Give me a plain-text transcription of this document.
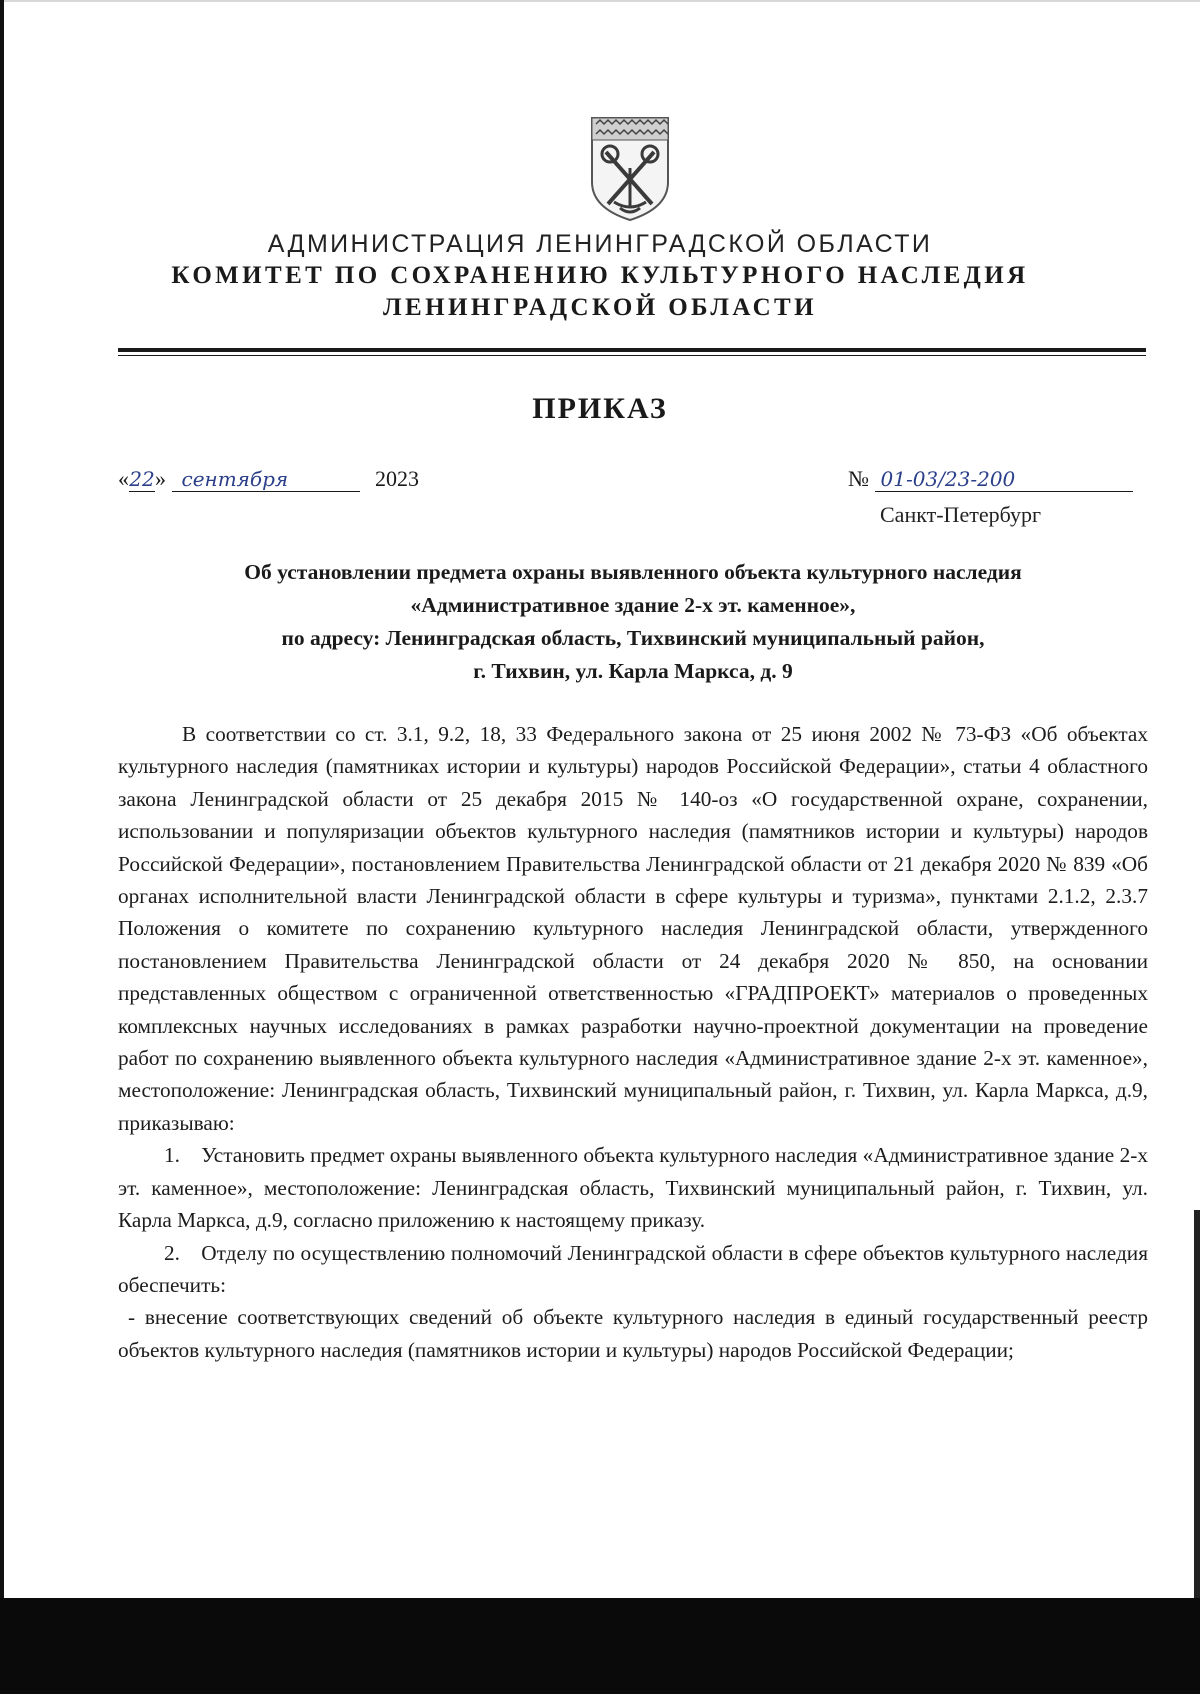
АДМИНИСТРАЦИЯ ЛЕНИНГРАДСКОЙ ОБЛАСТИ
КОМИТЕТ ПО СОХРАНЕНИЮ КУЛЬТУРНОГО НАСЛЕДИЯ
ЛЕНИНГРАДСКОЙ ОБЛАСТИ
ПРИКАЗ
«22» сентября	2023	№ 01-03/23-200
Санкт-Петербург
Об установлении предмета охраны выявленного объекта культурного наследия
«Административное здание 2-х эт. каменное»,
по адресу: Ленинградская область, Тихвинский муниципальный район,
г. Тихвин, ул. Карла Маркса, д. 9

В соответствии со ст. 3.1, 9.2, 18, 33 Федерального закона от 25 июня 2002 № 73-ФЗ «Об объектах культурного наследия (памятниках истории и культуры) народов Российской Федерации», статьи 4 областного закона Ленинградской области от 25 декабря 2015 № 140-оз «О государственной охране, сохранении, использовании и популяризации объектов культурного наследия (памятников истории и культуры) народов Российской Федерации», постановлением Правительства Ленинградской области от 21 декабря 2020 № 839 «Об органах исполнительной власти Ленинградской области в сфере культуры и туризма», пунктами 2.1.2, 2.3.7 Положения о комитете по сохранению культурного наследия Ленинградской области, утвержденного постановлением Правительства Ленинградской области от 24 декабря 2020 № 850, на основании представленных обществом с ограниченной ответственностью «ГРАДПРОЕКТ» материалов о проведенных комплексных научных исследованиях в рамках разработки научно-проектной документации на проведение работ по сохранению выявленного объекта культурного наследия «Административное здание 2-х эт. каменное», местоположение: Ленинградская область, Тихвинский муниципальный район, г. Тихвин, ул. Карла Маркса, д.9, приказываю:

1. Установить предмет охраны выявленного объекта культурного наследия «Административное здание 2-х эт. каменное», местоположение: Ленинградская область, Тихвинский муниципальный район, г. Тихвин, ул. Карла Маркса, д.9, согласно приложению к настоящему приказу.

2. Отделу по осуществлению полномочий Ленинградской области в сфере объектов культурного наследия обеспечить:

- внесение соответствующих сведений об объекте культурного наследия в единый государственный реестр объектов культурного наследия (памятников истории и культуры) народов Российской Федерации;
